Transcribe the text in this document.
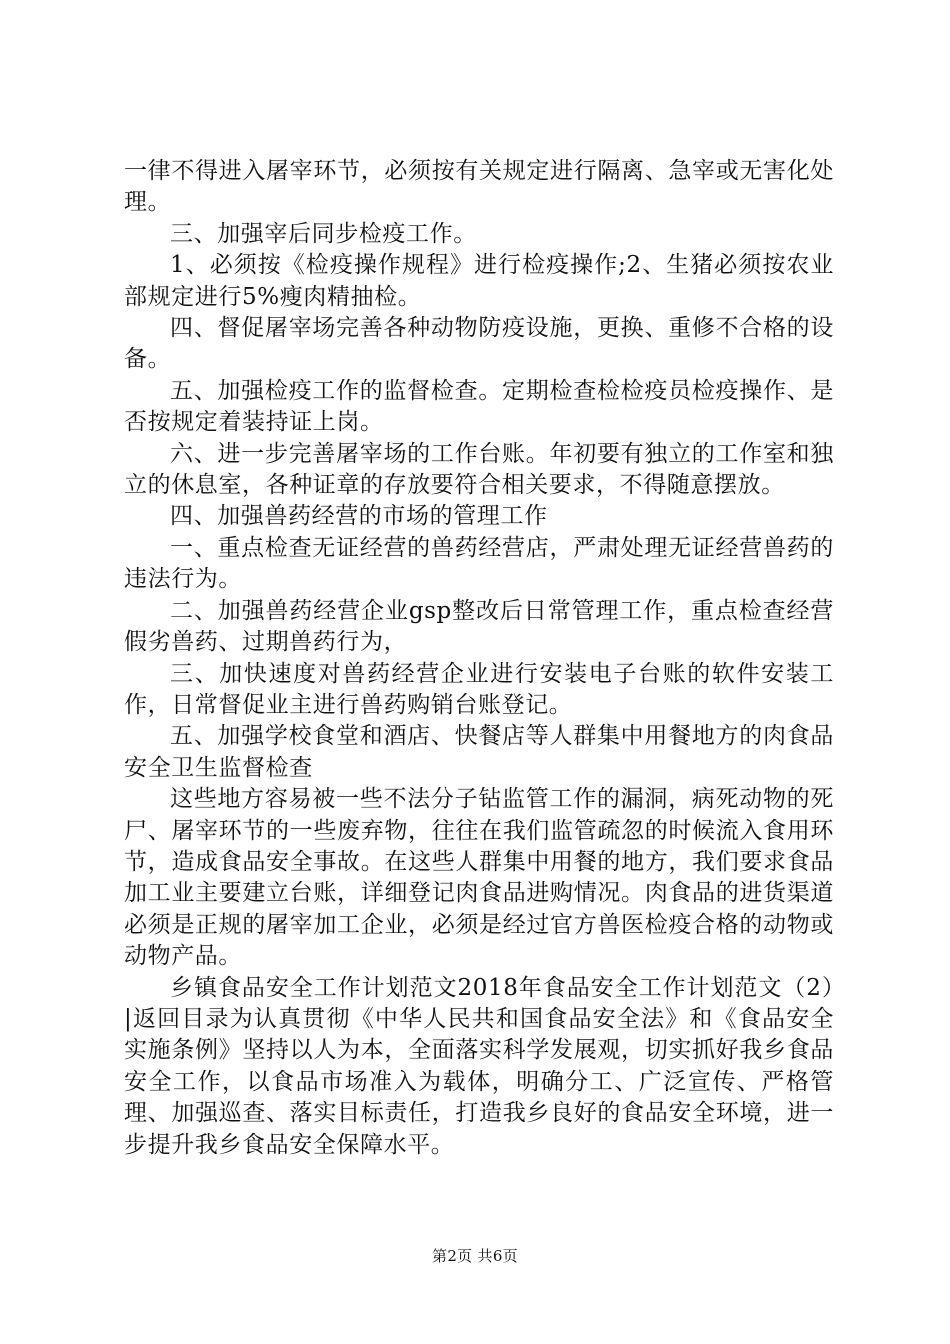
一律不得进入屠宰环节，必须按有关规定进行隔离、急宰或无害化处理。

三、加强宰后同步检疫工作。

1、必须按《检疫操作规程》进行检疫操作;2、生猪必须按农业部规定进行5%瘦肉精抽检。

四、督促屠宰场完善各种动物防疫设施，更换、重修不合格的设备。

五、加强检疫工作的监督检查。定期检查检检疫员检疫操作、是否按规定着装持证上岗。

六、进一步完善屠宰场的工作台账。年初要有独立的工作室和独立的休息室，各种证章的存放要符合相关要求，不得随意摆放。

四、加强兽药经营的市场的管理工作

一、重点检查无证经营的兽药经营店，严肃处理无证经营兽药的违法行为。

二、加强兽药经营企业gsp整改后日常管理工作，重点检查经营假劣兽药、过期兽药行为，

三、加快速度对兽药经营企业进行安装电子台账的软件安装工作，日常督促业主进行兽药购销台账登记。

五、加强学校食堂和酒店、快餐店等人群集中用餐地方的肉食品安全卫生监督检查

这些地方容易被一些不法分子钻监管工作的漏洞，病死动物的死尸、屠宰环节的一些废弃物，往往在我们监管疏忽的时候流入食用环节，造成食品安全事故。在这些人群集中用餐的地方，我们要求食品加工业主要建立台账，详细登记肉食品进购情况。肉食品的进货渠道必须是正规的屠宰加工企业，必须是经过官方兽医检疫合格的动物或动物产品。

乡镇食品安全工作计划范文2018年食品安全工作计划范文（2）|返回目录为认真贯彻《中华人民共和国食品安全法》和《食品安全实施条例》坚持以人为本，全面落实科学发展观，切实抓好我乡食品安全工作，以食品市场准入为载体，明确分工、广泛宣传、严格管理、加强巡查、落实目标责任，打造我乡良好的食品安全环境，进一步提升我乡食品安全保障水平。

第2页 共6页
